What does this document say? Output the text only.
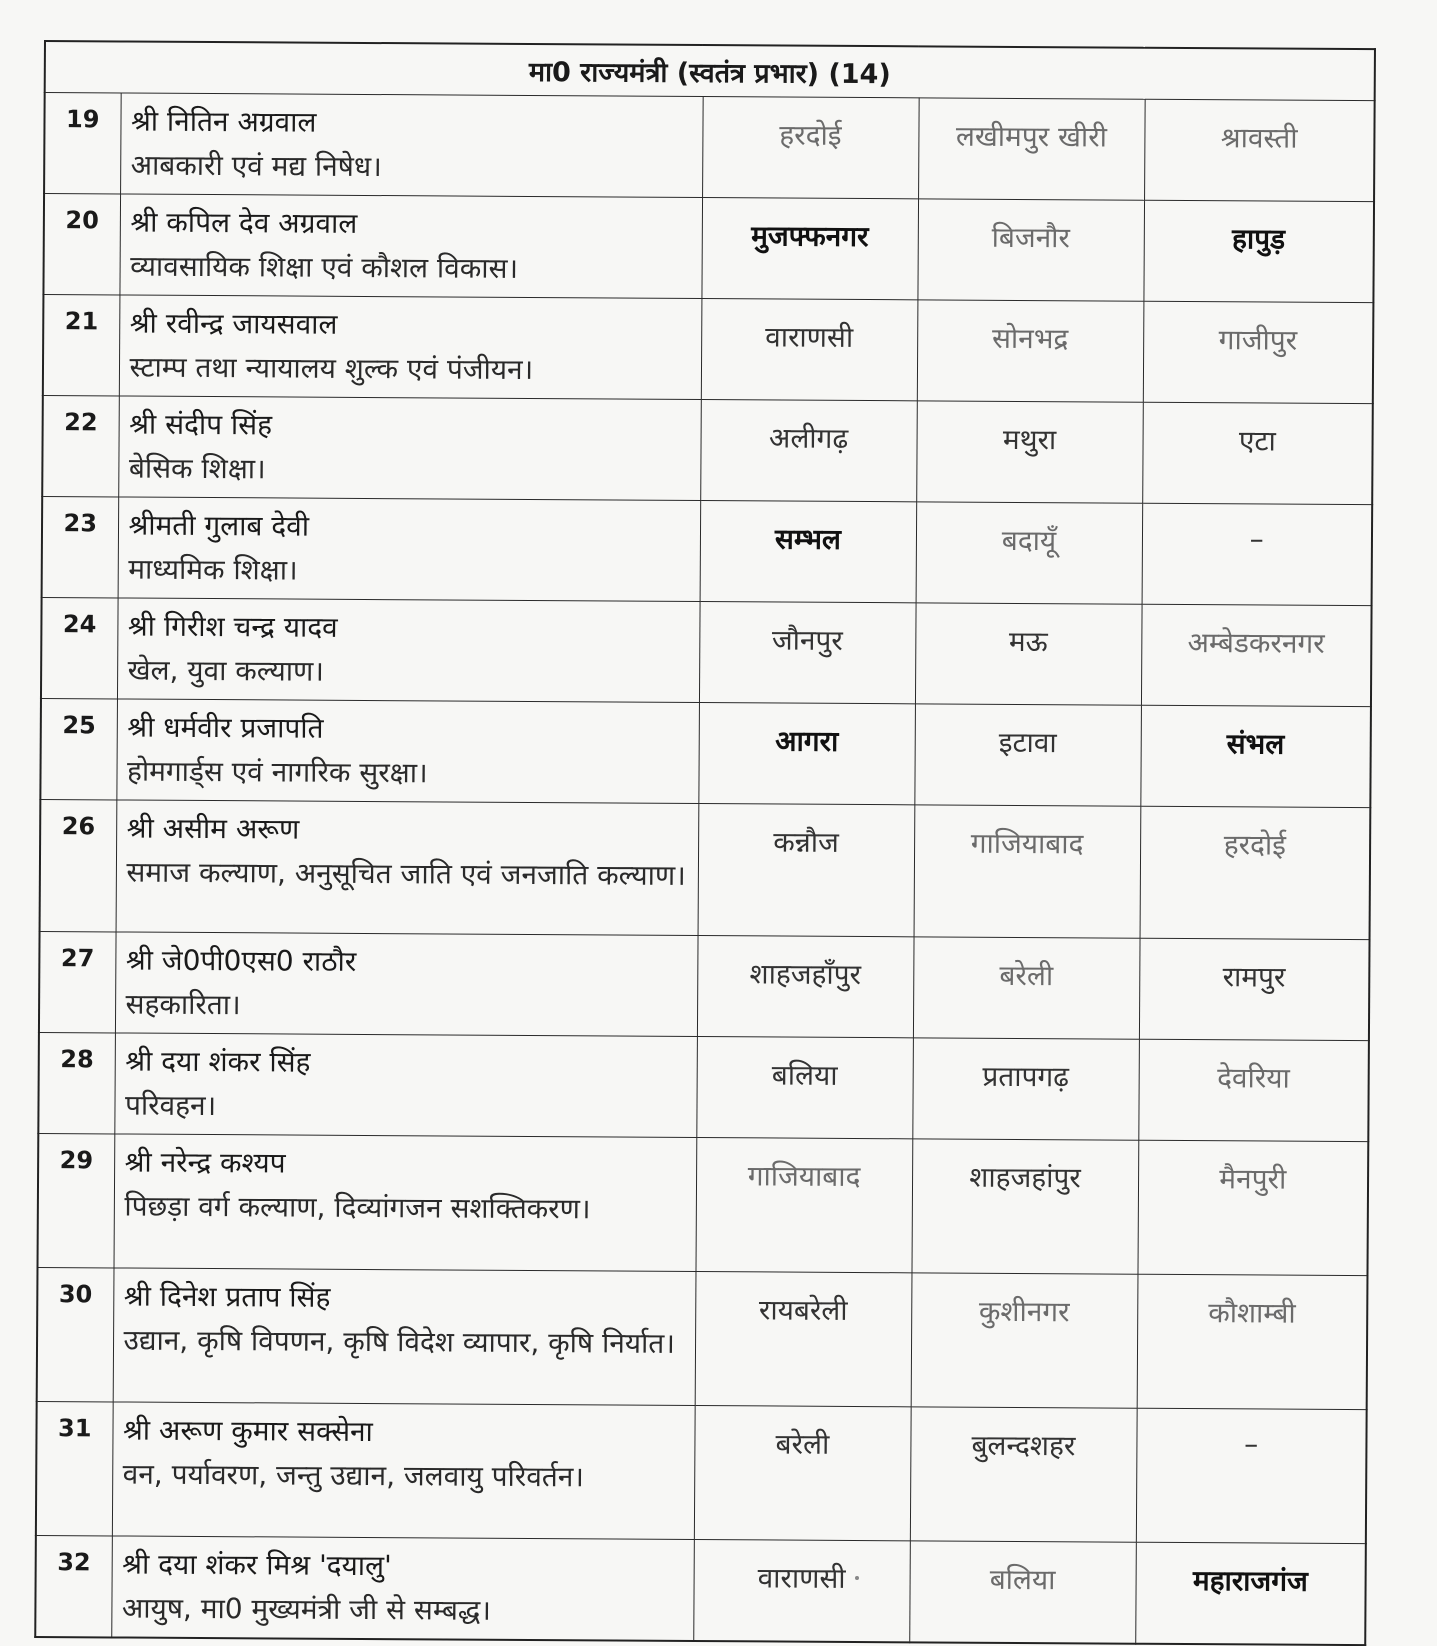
मा0 राज्यमंत्री (स्वतंत्र प्रभार) (14)				
19	श्री नितिन अग्रवाल
आबकारी एवं मद्य निषेध।	हरदोई	लखीमपुर खीरी	श्रावस्ती
20	श्री कपिल देव अग्रवाल
व्यावसायिक शिक्षा एवं कौशल विकास।	मुजफ्फनगर	बिजनौर	हापुड़
21	श्री रवीन्द्र जायसवाल
स्टाम्प तथा न्यायालय शुल्क एवं पंजीयन।	वाराणसी	सोनभद्र	गाजीपुर
22	श्री संदीप सिंह
बेसिक शिक्षा।	अलीगढ़	मथुरा	एटा
23	श्रीमती गुलाब देवी
माध्यमिक शिक्षा।	सम्भल	बदायूँ	–
24	श्री गिरीश चन्द्र यादव
खेल, युवा कल्याण।	जौनपुर	मऊ	अम्बेडकरनगर
25	श्री धर्मवीर प्रजापति
होमगार्ड्स एवं नागरिक सुरक्षा।	आगरा	इटावा	संभल
26	श्री असीम अरूण
समाज कल्याण, अनुसूचित जाति एवं जनजाति कल्याण।	कन्नौज	गाजियाबाद	हरदोई
27	श्री जे0पी0एस0 राठौर
सहकारिता।	शाहजहाँपुर	बरेली	रामपुर
28	श्री दया शंकर सिंह
परिवहन।	बलिया	प्रतापगढ़	देवरिया
29	श्री नरेन्द्र कश्यप
पिछड़ा वर्ग कल्याण, दिव्यांगजन सशक्तिकरण।	गाजियाबाद	शाहजहांपुर	मैनपुरी
30	श्री दिनेश प्रताप सिंह
उद्यान, कृषि विपणन, कृषि विदेश व्यापार, कृषि निर्यात।	रायबरेली	कुशीनगर	कौशाम्बी
31	श्री अरूण कुमार सक्सेना
वन, पर्यावरण, जन्तु उद्यान, जलवायु परिवर्तन।	बरेली	बुलन्दशहर	–
32	श्री दया शंकर मिश्र 'दयालु'
आयुष, मा0 मुख्यमंत्री जी से सम्बद्ध।	वाराणसी	बलिया	महाराजगंज
